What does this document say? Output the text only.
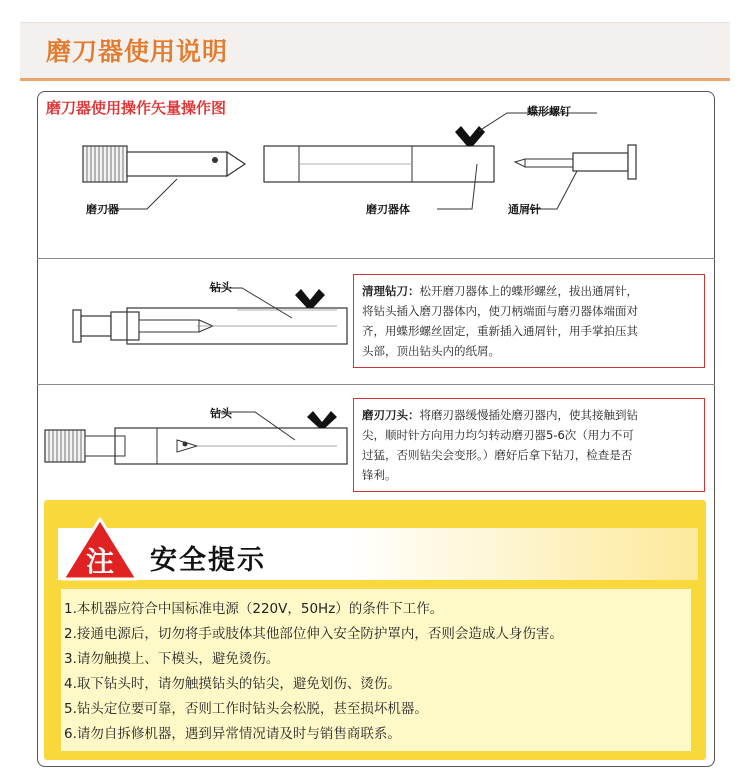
磨刀器使用说明
磨刀器使用操作矢量操作图
磨刃器	磨刃器体
蝶形螺钉
通屑针
钻头	清理钻刀：松开磨刀器体上的蝶形螺丝，拔出通屑针，
将钻头插入磨刀器体内，使刀柄端面与磨刃器体端面对
齐，用蝶形螺丝固定，重新插入通屑针，用手掌拍压其
头部，顶出钻头内的纸屑。
钻头	磨刃刀头：将磨刃器缓慢插处磨刃器内，使其接触到钻
尖，顺时针方向用力均匀转动磨刃器5-6次（用力不可
过猛，否则钻尖会变形。）磨好后拿下钻刀，检查是否
锋利。
注 安全提示
1.本机器应符合中国标准电源（220V，50Hz）的条件下工作。
2.接通电源后，切勿将手或肢体其他部位伸入安全防护罩内，否则会造成人身伤害。
3.请勿触摸上、下模头，避免烫伤。
4.取下钻头时，请勿触摸钻头的钻尖，避免划伤、烫伤。
5.钻头定位要可靠，否则工作时钻头会松脱，甚至损坏机器。
6.请勿自拆修机器，遇到异常情况请及时与销售商联系。
